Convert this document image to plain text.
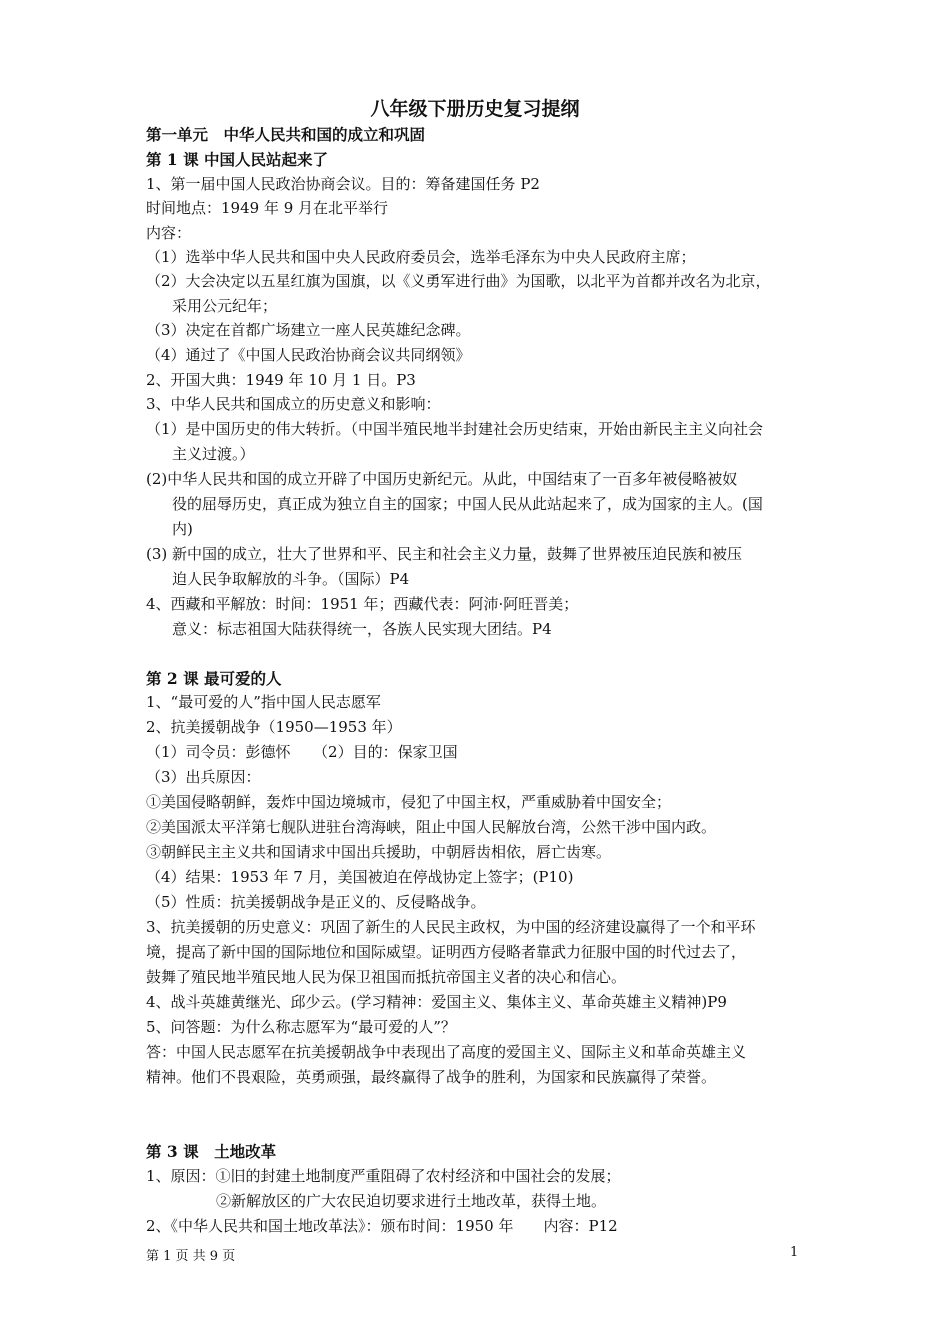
八年级下册历史复习提纲
第一单元　中华人民共和国的成立和巩固
第 1 课 中国人民站起来了
1、第一届中国人民政治协商会议。目的：筹备建国任务 P2
时间地点：1949 年 9 月在北平举行
内容：
（1）选举中华人民共和国中央人民政府委员会，选举毛泽东为中央人民政府主席；
（2）大会决定以五星红旗为国旗，以《义勇军进行曲》为国歌，以北平为首都并改名为北京，
采用公元纪年；
（3）决定在首都广场建立一座人民英雄纪念碑。
（4）通过了《中国人民政治协商会议共同纲领》
2、开国大典：1949 年 10 月 1 日。P3
3、中华人民共和国成立的历史意义和影响：
（1）是中国历史的伟大转折。（中国半殖民地半封建社会历史结束，开始由新民主主义向社会
主义过渡。）
(2)中华人民共和国的成立开辟了中国历史新纪元。从此，中国结束了一百多年被侵略被奴
役的屈辱历史，真正成为独立自主的国家；中国人民从此站起来了，成为国家的主人。(国
内)
(3) 新中国的成立，壮大了世界和平、民主和社会主义力量，鼓舞了世界被压迫民族和被压
迫人民争取解放的斗争。（国际）P4
4、西藏和平解放：时间：1951 年；西藏代表：阿沛·阿旺晋美；
意义：标志祖国大陆获得统一，各族人民实现大团结。P4
第 2 课 最可爱的人
1、“最可爱的人”指中国人民志愿军
2、抗美援朝战争（1950—1953 年）
（1）司令员：彭德怀　　（2）目的：保家卫国
（3）出兵原因：
①美国侵略朝鲜，轰炸中国边境城市，侵犯了中国主权，严重威胁着中国安全；
②美国派太平洋第七舰队进驻台湾海峡，阻止中国人民解放台湾，公然干涉中国内政。
③朝鲜民主主义共和国请求中国出兵援助，中朝唇齿相依，唇亡齿寒。
（4）结果：1953 年 7 月，美国被迫在停战协定上签字；(P10)
（5）性质：抗美援朝战争是正义的、反侵略战争。
3、抗美援朝的历史意义：巩固了新生的人民民主政权，为中国的经济建设赢得了一个和平环
境，提高了新中国的国际地位和国际威望。证明西方侵略者靠武力征服中国的时代过去了，
鼓舞了殖民地半殖民地人民为保卫祖国而抵抗帝国主义者的决心和信心。
4、战斗英雄黄继光、邱少云。(学习精神：爱国主义、集体主义、革命英雄主义精神)P9
5、问答题：为什么称志愿军为“最可爱的人”？
答：中国人民志愿军在抗美援朝战争中表现出了高度的爱国主义、国际主义和革命英雄主义
精神。他们不畏艰险，英勇顽强，最终赢得了战争的胜利，为国家和民族赢得了荣誉。
第 3 课　土地改革
1、原因：①旧的封建土地制度严重阻碍了农村经济和中国社会的发展；
②新解放区的广大农民迫切要求进行土地改革，获得土地。
2、《中华人民共和国土地改革法》：颁布时间：1950 年　　内容：P12
第 1 页 共 9 页	1
